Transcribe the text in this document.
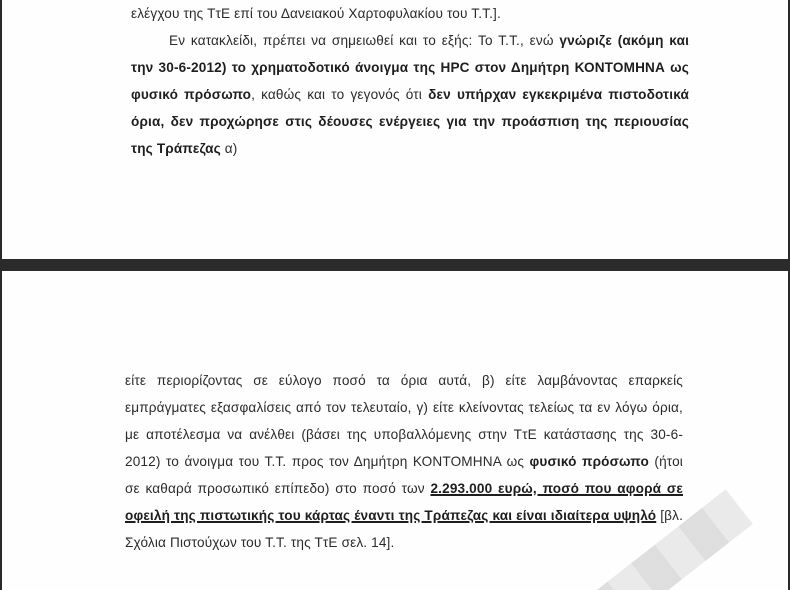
ελέγχου της ΤτΕ επί του Δανειακού Χαρτοφυλακίου του Τ.Τ.].

Εν κατακλείδι, πρέπει να σημειωθεί και το εξής: Το Τ.Τ., ενώ γνώριζε (ακόμη και την 30-6-2012) το χρηματοδοτικό άνοιγμα της HPC στον Δημήτρη ΚΟΝΤΟΜΗΝΑ ως φυσικό πρόσωπο, καθώς και το γεγονός ότι δεν υπήρχαν εγκεκριμένα πιστοδοτικά όρια, δεν προχώρησε στις δέουσες ενέργειες για την προάσπιση της περιουσίας της Τράπεζας α)

είτε περιορίζοντας σε εύλογο ποσό τα όρια αυτά, β) είτε λαμβάνοντας επαρκείς εμπράγματες εξασφαλίσεις από τον τελευταίο, γ) είτε κλείνοντας τελείως τα εν λόγω όρια, με αποτέλεσμα να ανέλθει (βάσει της υποβαλλόμενης στην ΤτΕ κατάστασης της 30-6-2012) το άνοιγμα του Τ.Τ. προς τον Δημήτρη ΚΟΝΤΟΜΗΝΑ ως φυσικό πρόσωπο (ήτοι σε καθαρά προσωπικό επίπεδο) στο ποσό των 2.293.000 ευρώ, ποσό που αφορά σε οφειλή της πιστωτικής του κάρτας έναντι της Τράπεζας και είναι ιδιαίτερα υψηλό [βλ. Σχόλια Πιστούχων του Τ.Τ. της ΤτΕ σελ. 14].
